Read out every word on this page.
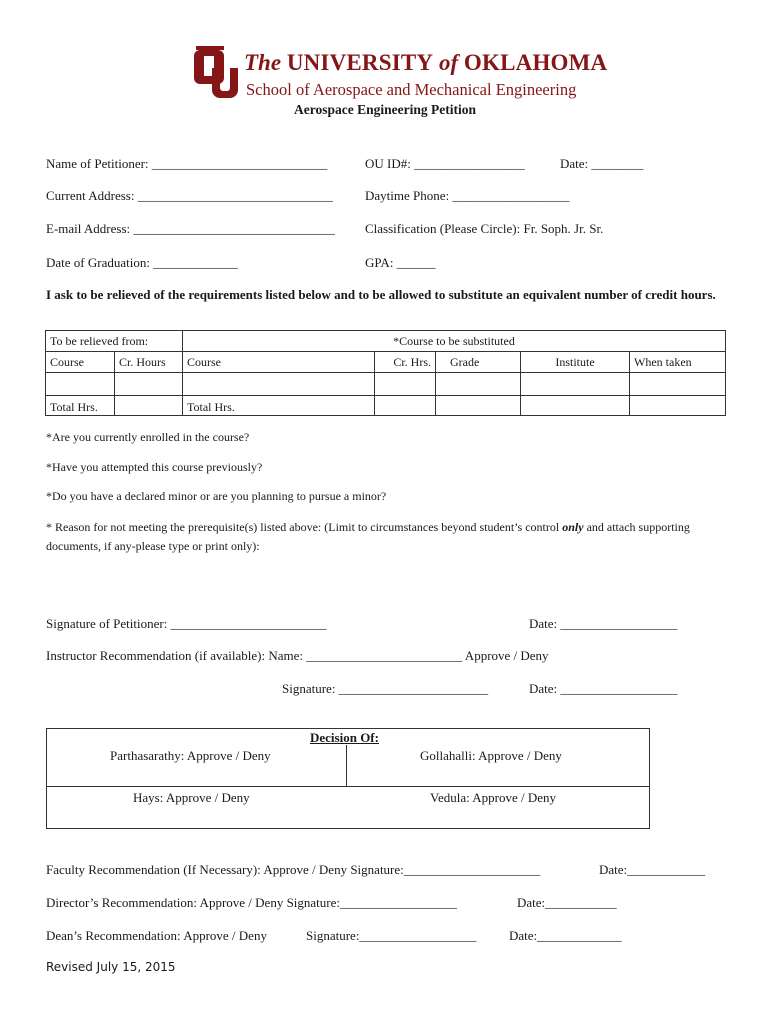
The UNIVERSITY of OKLAHOMA
School of Aerospace and Mechanical Engineering
Aerospace Engineering Petition
Name of Petitioner: ___________________________	OU ID#: _________________	Date: ________
Current Address: ______________________________ Daytime Phone: __________________
E-mail Address: _______________________________ Classification (Please Circle): Fr. Soph. Jr. Sr.
Date of Graduation: _____________	GPA: ______
I ask to be relieved of the requirements listed below and to be allowed to substitute an equivalent number of credit hours.
To be relieved from:		*Course to be substituted				
Course	Cr. Hours	Course	Cr. Hrs.	Grade	Institute	When taken

Total Hrs.		Total Hrs.				
*Are you currently enrolled in the course?
*Have you attempted this course previously?
*Do you have a declared minor or are you planning to pursue a minor?
* Reason for not meeting the prerequisite(s) listed above: (Limit to circumstances beyond student’s control only and attach supporting documents, if any-please type or print only):
Signature of Petitioner: ________________________	Date: __________________
Instructor Recommendation (if available): Name: ________________________ Approve / Deny
Signature: _______________________	Date: __________________
Decision Of:
Parthasarathy: Approve / Deny	Gollahalli: Approve / Deny
Hays: Approve / Deny	Vedula: Approve / Deny
Faculty Recommendation (If Necessary): Approve / Deny Signature:_____________________	Date:____________
Director’s Recommendation: Approve / Deny Signature:__________________	Date:___________
Dean’s Recommendation: Approve / Deny	Signature:__________________	Date:_____________
Revised July 15, 2015
